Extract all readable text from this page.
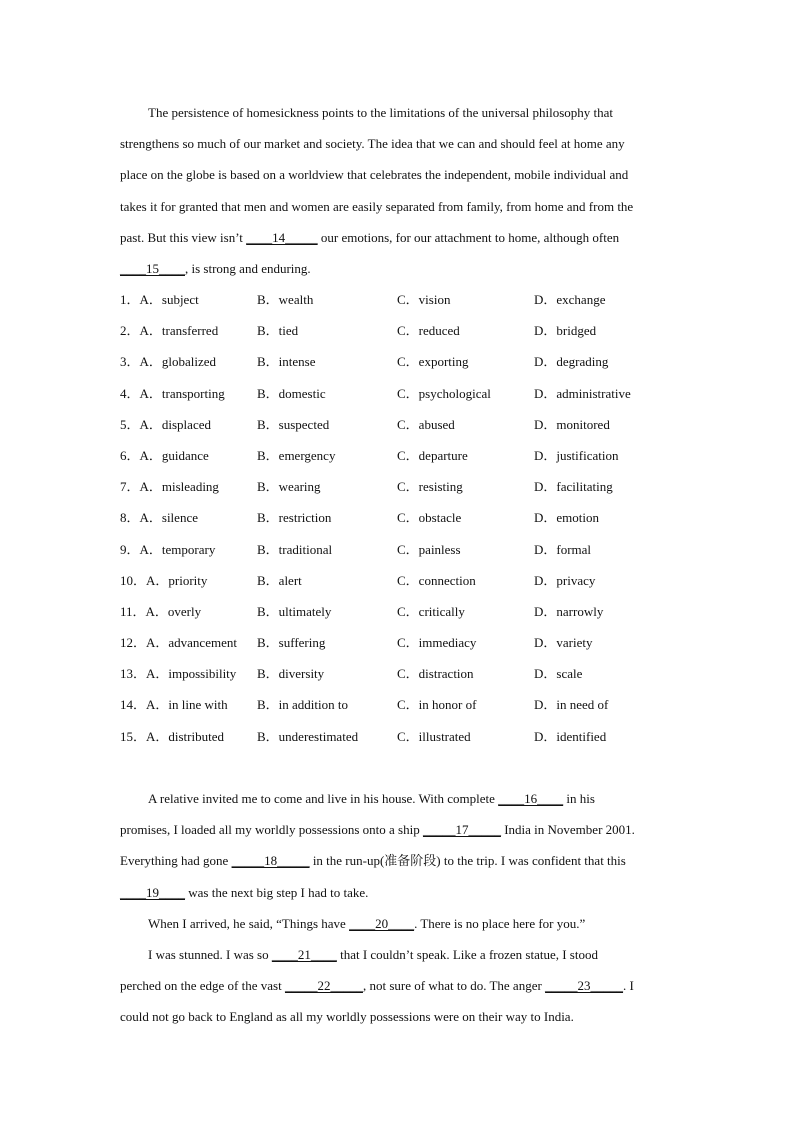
The persistence of homesickness points to the limitations of the universal philosophy that
strengthens so much of our market and society. The idea that we can and should feel at home any
place on the globe is based on a worldview that celebrates the independent, mobile individual and
takes it for granted that men and women are easily separated from family, from home and from the
past. But this view isn’t ____14_____ our emotions, for our attachment to home, although often
____15____, is strong and enduring.
1．A．subject	B．wealth	C．vision	D．exchange
2．A．transferred	B．tied	C．reduced	D．bridged
3．A．globalized	B．intense	C．exporting	D．degrading
4．A．transporting B．domestic	C．psychological	D．administrative
5．A．displaced	B．suspected	C．abused	D．monitored
6．A．guidance	B．emergency	C．departure	D．justification
7．A．misleading	B．wearing	C．resisting	D．facilitating
8．A．silence	B．restriction	C．obstacle	D．emotion
9．A．temporary	B．traditional	C．painless	D．formal
10．A．priority	B．alert	C．connection	D．privacy
11．A．overly	B．ultimately	C．critically	D．narrowly
12．A．advancement B．suffering	C．immediacy	D．variety
13．A．impossibility B．diversity	C．distraction	D．scale
14．A．in line with B．in addition to	C．in honor of	D．in need of
15．A．distributed	B．underestimated	C．illustrated	D．identified
A relative invited me to come and live in his house. With complete ____16____ in his
promises, I loaded all my worldly possessions onto a ship _____17_____ India in November 2001.
Everything had gone _____18_____ in the run-up(准备阶段) to the trip. I was confident that this
____19____ was the next big step I had to take.
When I arrived, he said, “Things have ____20____. There is no place here for you.”
I was stunned. I was so ____21____ that I couldn’t speak. Like a frozen statue, I stood
perched on the edge of the vast _____22_____, not sure of what to do. The anger _____23_____. I
could not go back to England as all my worldly possessions were on their way to India.
